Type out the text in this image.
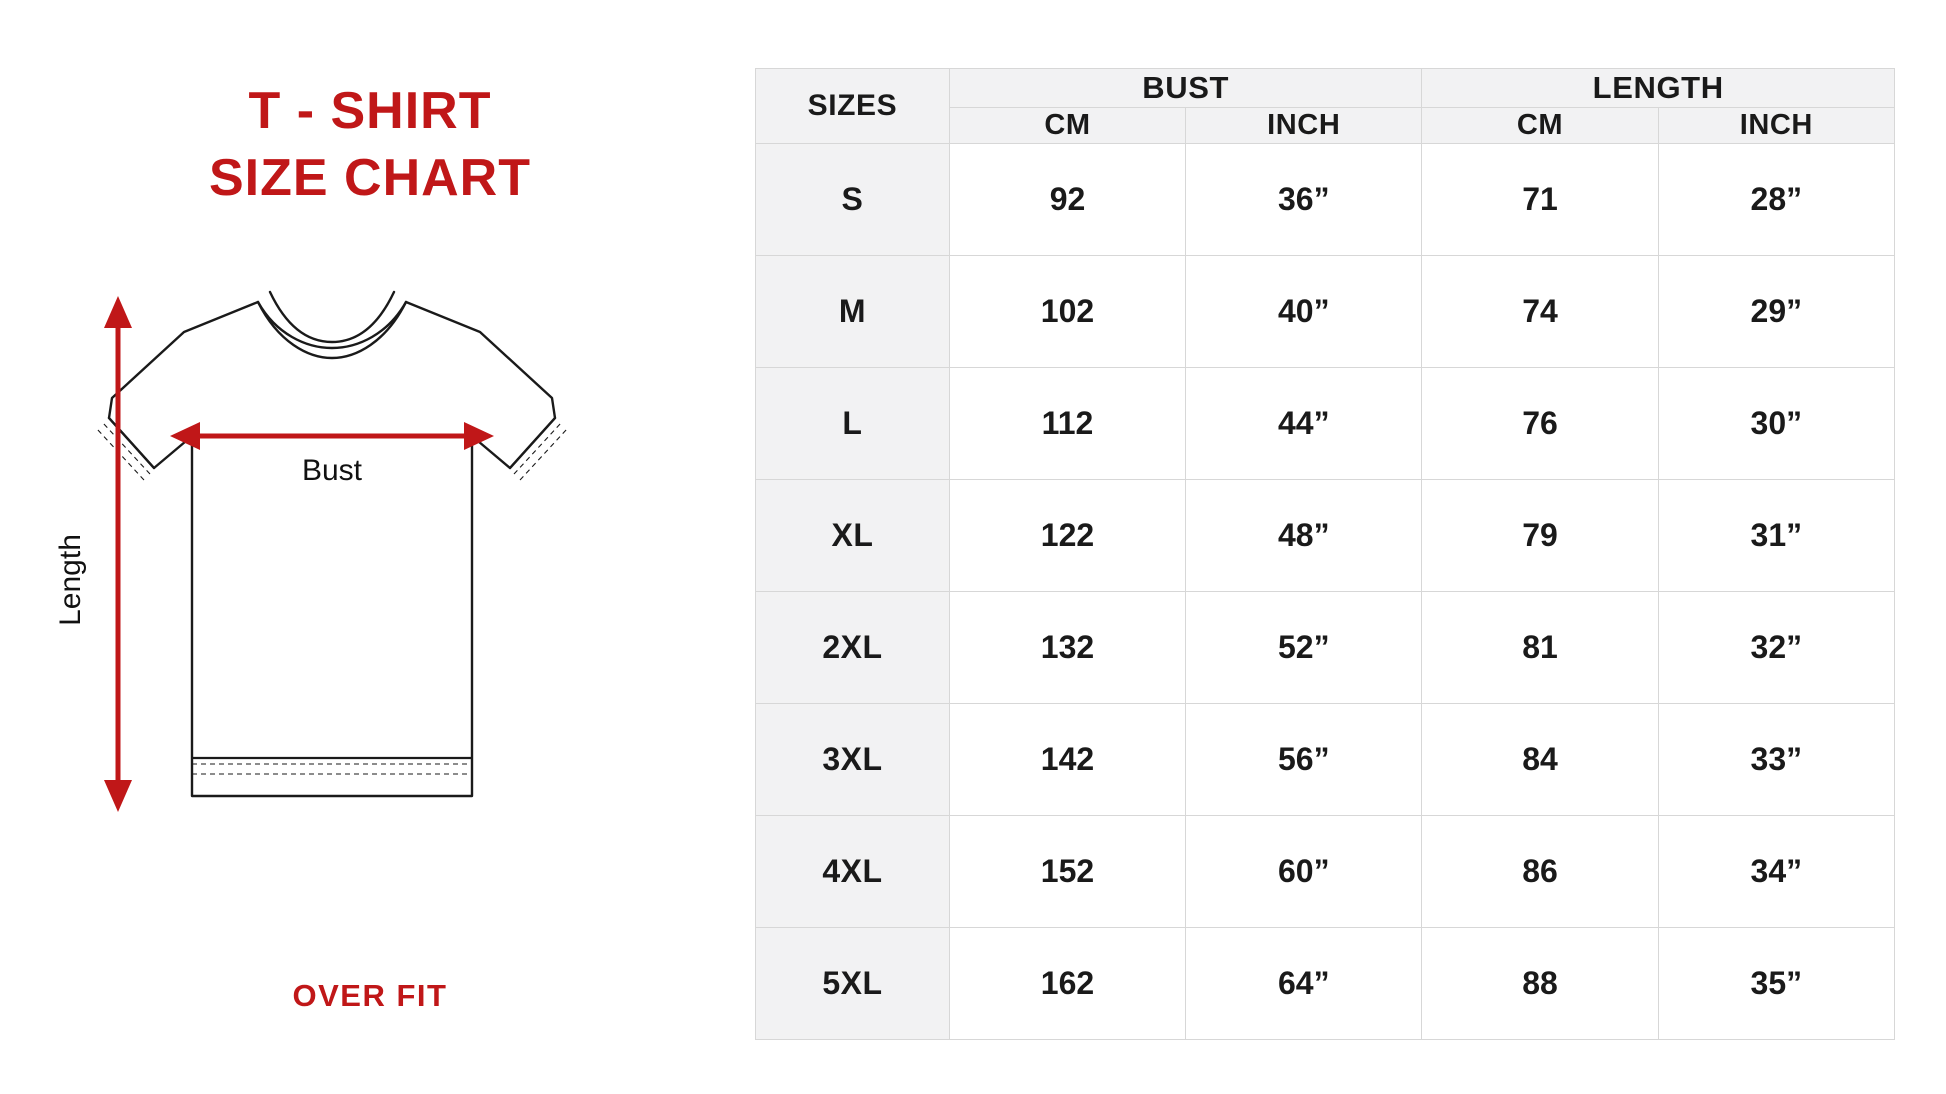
T - SHIRT
SIZE CHART
Bust
Length
OVER FIT
SIZES	BUST		LENGTH	
	CM	INCH	CM	INCH
S	92	36”	71	28”
M	102	40”	74	29”
L	112	44”	76	30”
XL	122	48”	79	31”
2XL	132	52”	81	32”
3XL	142	56”	84	33”
4XL	152	60”	86	34”
5XL	162	64”	88	35”
